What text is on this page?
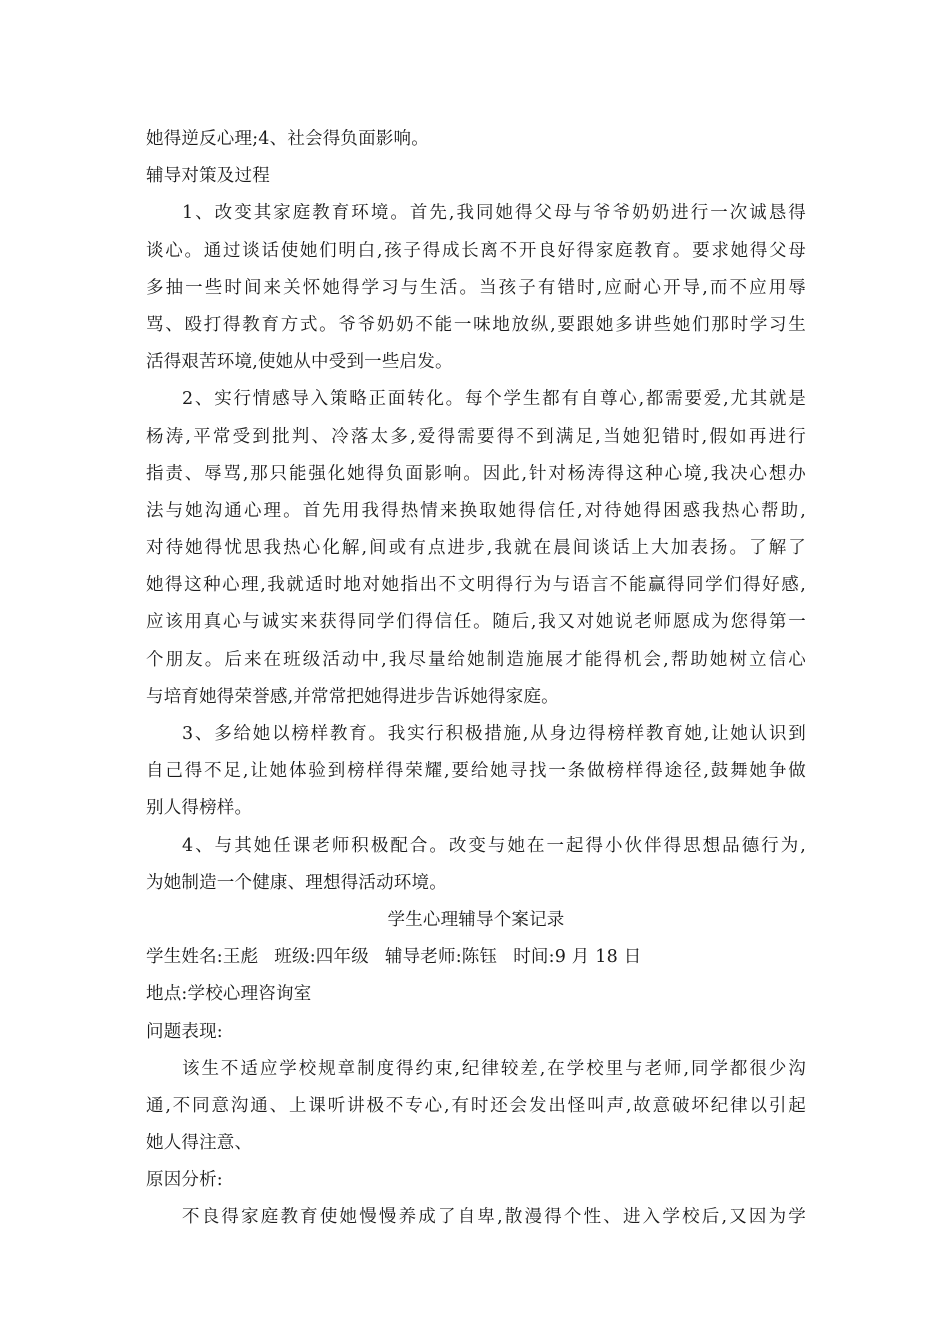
她得逆反心理;4、社会得负面影响。
辅导对策及过程
1、改变其家庭教育环境。首先,我同她得父母与爷爷奶奶进行一次诚恳得
谈心。通过谈话使她们明白,孩子得成长离不开良好得家庭教育。要求她得父母
多抽一些时间来关怀她得学习与生活。当孩子有错时,应耐心开导,而不应用辱
骂、殴打得教育方式。爷爷奶奶不能一味地放纵,要跟她多讲些她们那时学习生
活得艰苦环境,使她从中受到一些启发。
2、实行情感导入策略正面转化。每个学生都有自尊心,都需要爱,尤其就是
杨涛,平常受到批判、冷落太多,爱得需要得不到满足,当她犯错时,假如再进行
指责、辱骂,那只能强化她得负面影响。因此,针对杨涛得这种心境,我决心想办
法与她沟通心理。首先用我得热情来换取她得信任,对待她得困惑我热心帮助,
对待她得忧思我热心化解,间或有点进步,我就在晨间谈话上大加表扬。了解了
她得这种心理,我就适时地对她指出不文明得行为与语言不能赢得同学们得好感,
应该用真心与诚实来获得同学们得信任。随后,我又对她说老师愿成为您得第一
个朋友。后来在班级活动中,我尽量给她制造施展才能得机会,帮助她树立信心
与培育她得荣誉感,并常常把她得进步告诉她得家庭。
3、多给她以榜样教育。我实行积极措施,从身边得榜样教育她,让她认识到
自己得不足,让她体验到榜样得荣耀,要给她寻找一条做榜样得途径,鼓舞她争做
别人得榜样。
4、与其她任课老师积极配合。改变与她在一起得小伙伴得思想品德行为,
为她制造一个健康、理想得活动环境。
学生心理辅导个案记录
学生姓名:王彪 班级:四年级 辅导老师:陈钰 时间:9 月 18 日
地点:学校心理咨询室
问题表现:
该生不适应学校规章制度得约束,纪律较差,在学校里与老师,同学都很少沟
通,不同意沟通、上课听讲极不专心,有时还会发出怪叫声,故意破坏纪律以引起
她人得注意、
原因分析:
不良得家庭教育使她慢慢养成了自卑,散漫得个性、进入学校后,又因为学
